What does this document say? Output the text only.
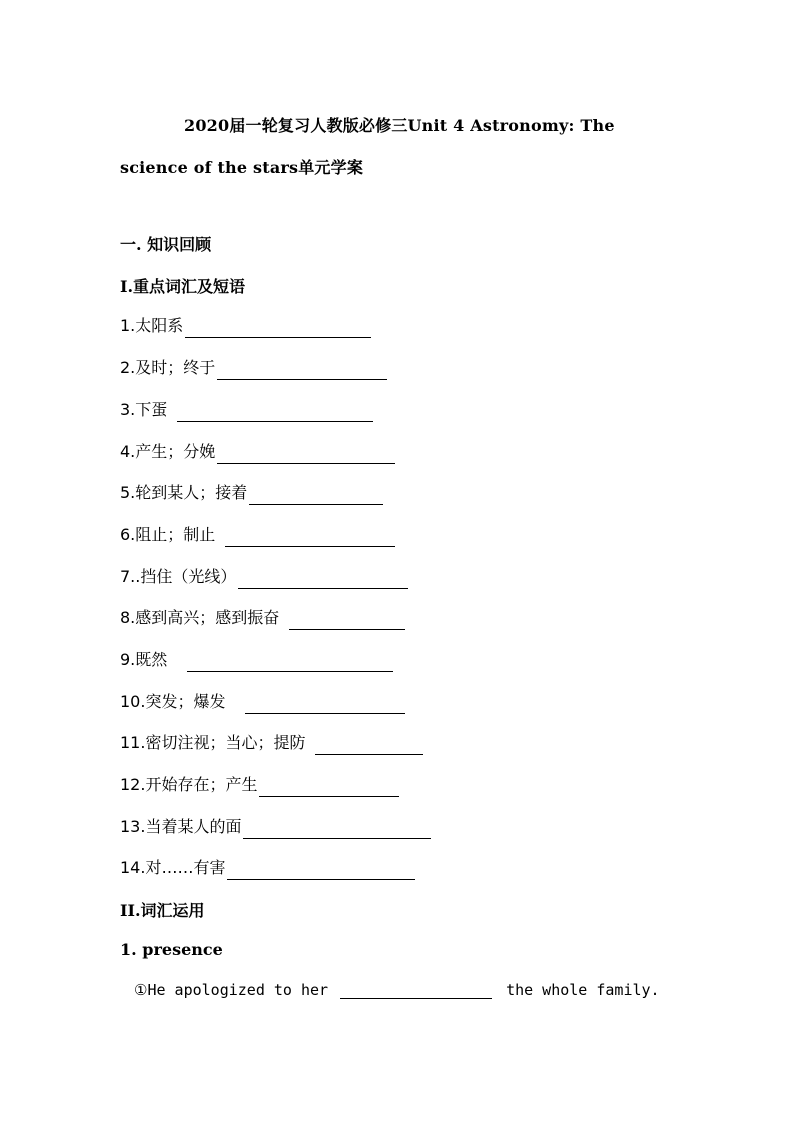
2020届一轮复习人教版必修三Unit 4 Astronomy: The
science of the stars单元学案
一. 知识回顾
I.重点词汇及短语
1.太阳系
2.及时；终于
3.下蛋
4.产生；分娩
5.轮到某人；接着
6.阻止；制止
7..挡住（光线）
8.感到高兴；感到振奋
9.既然
10.突发；爆发
11.密切注视；当心；提防
12.开始存在；产生
13.当着某人的面
14.对……有害
II.词汇运用
1. presence
①He apologized to her	the whole family.
